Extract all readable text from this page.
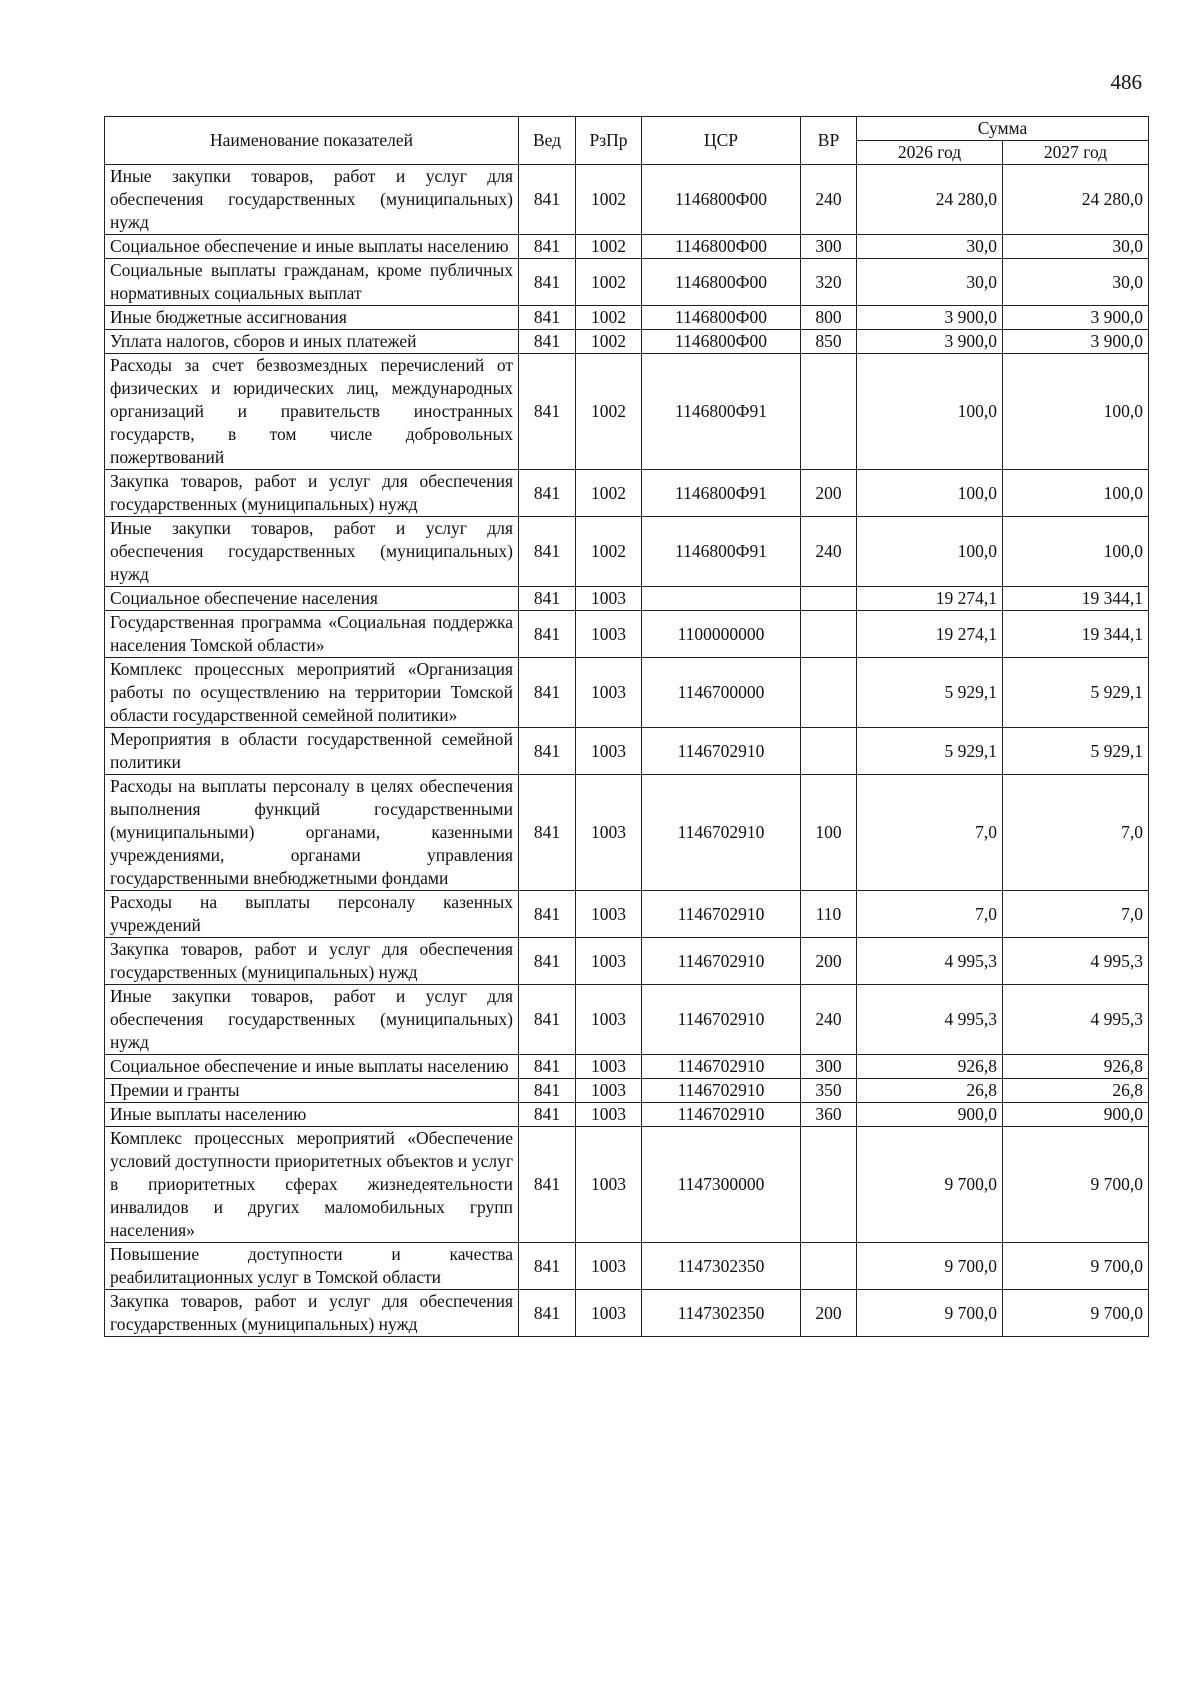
486
Наименование показателей	Вед	РзПр	ЦСР	ВР	Сумма	
					2026 год	2027 год
Иные закупки товаров, работ и услуг для обеспечения государственных (муниципальных) нужд	841	1002	1146800Ф00	240	24 280,0	24 280,0
Социальное обеспечение и иные выплаты населению	841	1002	1146800Ф00	300	30,0	30,0
Социальные выплаты гражданам, кроме публичных нормативных социальных выплат	841	1002	1146800Ф00	320	30,0	30,0
Иные бюджетные ассигнования	841	1002	1146800Ф00	800	3 900,0	3 900,0
Уплата налогов, сборов и иных платежей	841	1002	1146800Ф00	850	3 900,0	3 900,0
Расходы за счет безвозмездных перечислений от физических и юридических лиц, международных организаций и правительств иностранных государств, в том числе добровольных пожертвований	841	1002	1146800Ф91		100,0	100,0
Закупка товаров, работ и услуг для обеспечения государственных (муниципальных) нужд	841	1002	1146800Ф91	200	100,0	100,0
Иные закупки товаров, работ и услуг для обеспечения государственных (муниципальных) нужд	841	1002	1146800Ф91	240	100,0	100,0
Социальное обеспечение населения	841	1003			19 274,1	19 344,1
Государственная программа «Социальная поддержка населения Томской области»	841	1003	1100000000		19 274,1	19 344,1
Комплекс процессных мероприятий «Организация работы по осуществлению на территории Томской области государственной семейной политики»	841	1003	1146700000		5 929,1	5 929,1
Мероприятия в области государственной семейной политики	841	1003	1146702910		5 929,1	5 929,1
Расходы на выплаты персоналу в целях обеспечения выполнения функций государственными (муниципальными) органами, казенными учреждениями, органами управления государственными внебюджетными фондами	841	1003	1146702910	100	7,0	7,0
Расходы на выплаты персоналу казенных учреждений	841	1003	1146702910	110	7,0	7,0
Закупка товаров, работ и услуг для обеспечения государственных (муниципальных) нужд	841	1003	1146702910	200	4 995,3	4 995,3
Иные закупки товаров, работ и услуг для обеспечения государственных (муниципальных) нужд	841	1003	1146702910	240	4 995,3	4 995,3
Социальное обеспечение и иные выплаты населению	841	1003	1146702910	300	926,8	926,8
Премии и гранты	841	1003	1146702910	350	26,8	26,8
Иные выплаты населению	841	1003	1146702910	360	900,0	900,0
Комплекс процессных мероприятий «Обеспечение условий доступности приоритетных объектов и услуг в приоритетных сферах жизнедеятельности инвалидов и других маломобильных групп населения»	841	1003	1147300000		9 700,0	9 700,0
Повышение доступности и качества реабилитационных услуг в Томской области	841	1003	1147302350		9 700,0	9 700,0
Закупка товаров, работ и услуг для обеспечения государственных (муниципальных) нужд	841	1003	1147302350	200	9 700,0	9 700,0
